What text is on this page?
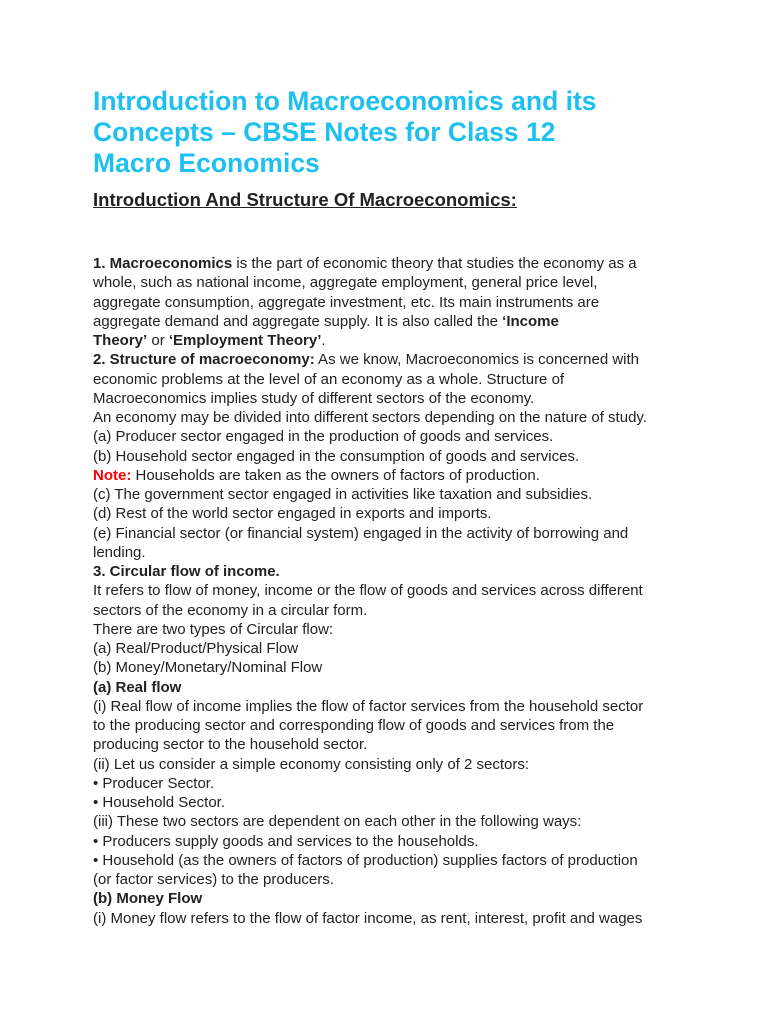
Introduction to Macroeconomics and its
Concepts – CBSE Notes for Class 12
Macro Economics
Introduction And Structure Of Macroeconomics:
1. Macroeconomics is the part of economic theory that studies the economy as a
whole, such as national income, aggregate employment, general price level,
aggregate consumption, aggregate investment, etc. Its main instruments are
aggregate demand and aggregate supply. It is also called the ‘Income
Theory’ or ‘Employment Theory’.
2. Structure of macroeconomy: As we know, Macroeconomics is concerned with
economic problems at the level of an economy as a whole. Structure of
Macroeconomics implies study of different sectors of the economy.
An economy may be divided into different sectors depending on the nature of study.
(a) Producer sector engaged in the production of goods and services.
(b) Household sector engaged in the consumption of goods and services.
Note: Households are taken as the owners of factors of production.
(c) The government sector engaged in activities like taxation and subsidies.
(d) Rest of the world sector engaged in exports and imports.
(e) Financial sector (or financial system) engaged in the activity of borrowing and
lending.
3. Circular flow of income.
It refers to flow of money, income or the flow of goods and services across different
sectors of the economy in a circular form.
There are two types of Circular flow:
(a) Real/Product/Physical Flow
(b) Money/Monetary/Nominal Flow
(a) Real flow
(i) Real flow of income implies the flow of factor services from the household sector
to the producing sector and corresponding flow of goods and services from the
producing sector to the household sector.
(ii) Let us consider a simple economy consisting only of 2 sectors:
• Producer Sector.
• Household Sector.
(iii) These two sectors are dependent on each other in the following ways:
• Producers supply goods and services to the households.
• Household (as the owners of factors of production) supplies factors of production
(or factor services) to the producers.
(b) Money Flow
(i) Money flow refers to the flow of factor income, as rent, interest, profit and wages
